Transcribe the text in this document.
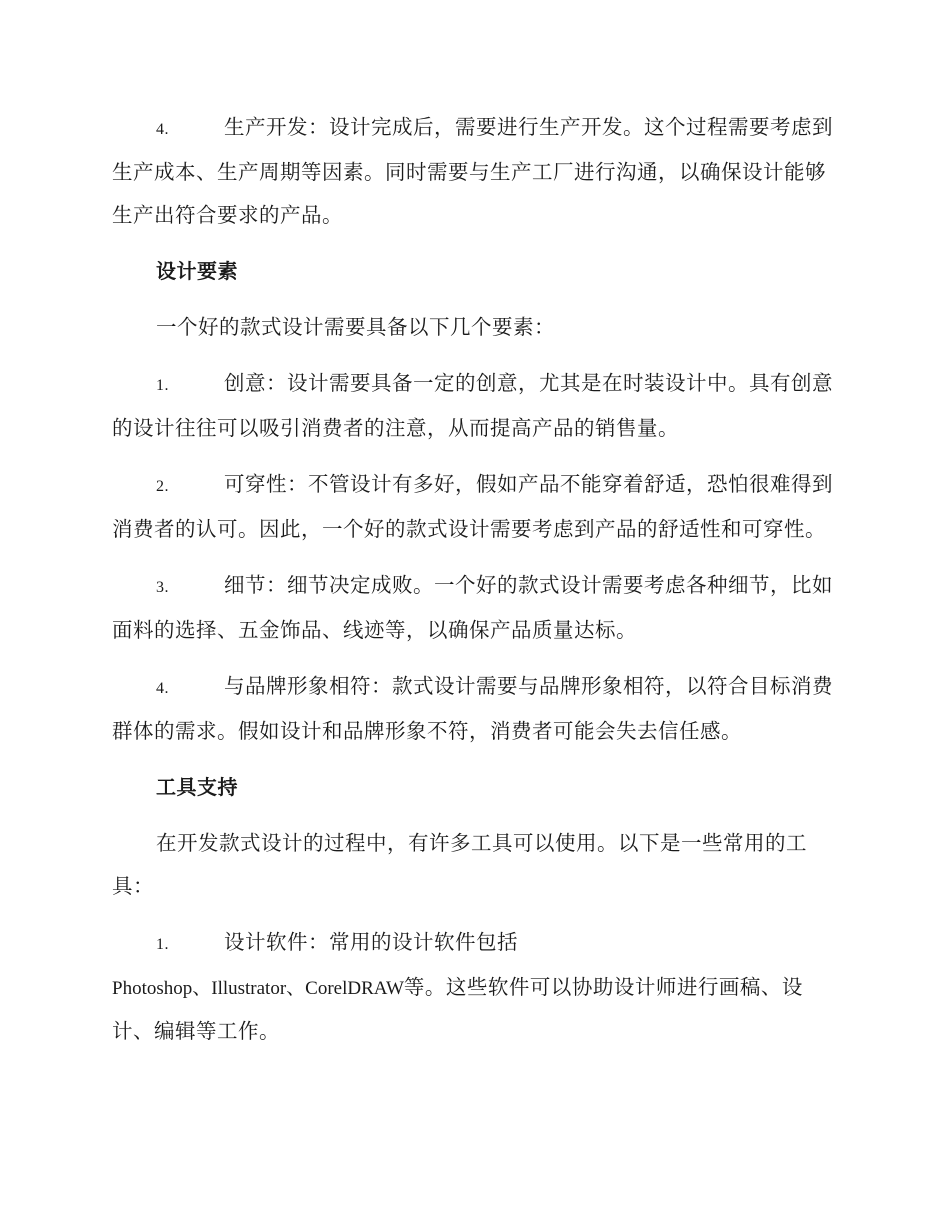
4.	生产开发：设计完成后，需要进行生产开发。这个过程需要考虑到生产成本、生产周期等因素。同时需要与生产工厂进行沟通，以确保设计能够生产出符合要求的产品。

设计要素

一个好的款式设计需要具备以下几个要素：

1.	创意：设计需要具备一定的创意，尤其是在时装设计中。具有创意的设计往往可以吸引消费者的注意，从而提高产品的销售量。

2.	可穿性：不管设计有多好，假如产品不能穿着舒适，恐怕很难得到消费者的认可。因此，一个好的款式设计需要考虑到产品的舒适性和可穿性。

3.	细节：细节决定成败。一个好的款式设计需要考虑各种细节，比如面料的选择、五金饰品、线迹等，以确保产品质量达标。

4.	与品牌形象相符：款式设计需要与品牌形象相符，以符合目标消费群体的需求。假如设计和品牌形象不符，消费者可能会失去信任感。

工具支持

在开发款式设计的过程中，有许多工具可以使用。以下是一些常用的工具：

1.	设计软件：常用的设计软件包括
Photoshop、Illustrator、CorelDRAW等。这些软件可以协助设计师进行画稿、设计、编辑等工作。
